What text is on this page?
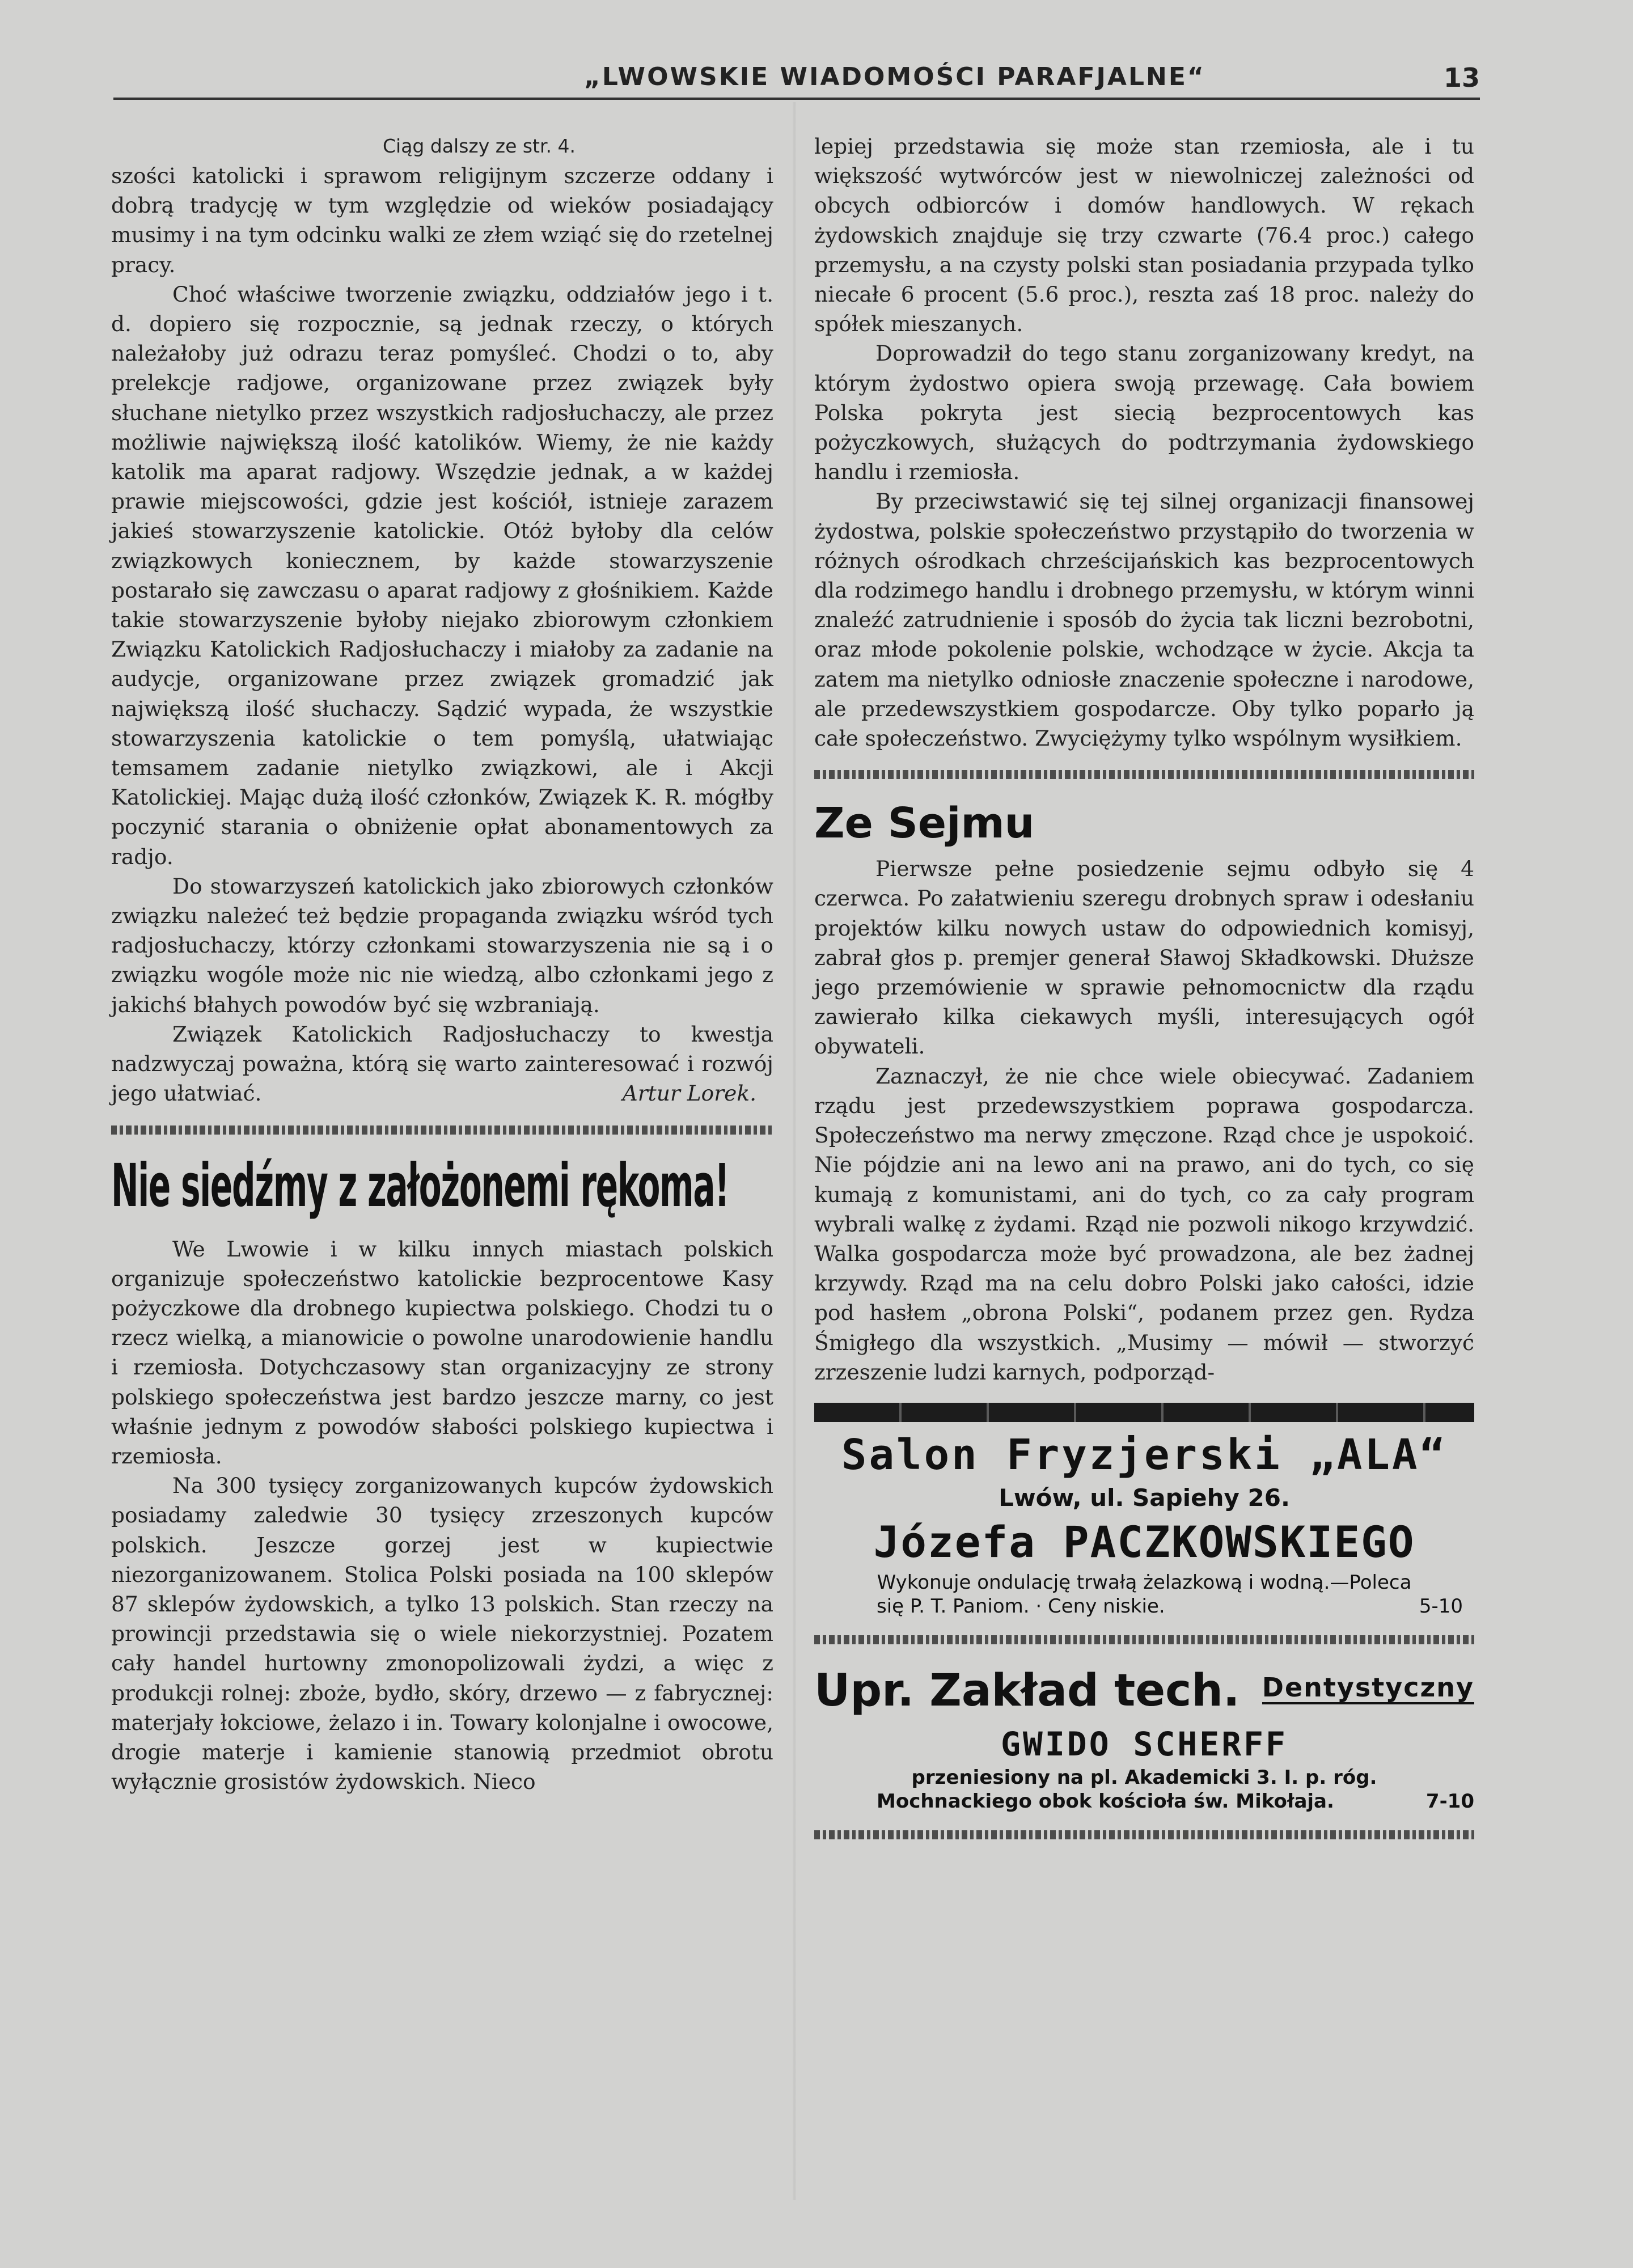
„LWOWSKIE WIADOMOŚCI PARAFJALNE“	13

Ciąg dalszy ze str. 4.

szości katolicki i sprawom religijnym szczerze oddany i dobrą tradycję w tym względzie od wieków posiadający musimy i na tym odcinku walki ze złem wziąć się do rzetelnej pracy.

Choć właściwe tworzenie związku, oddziałów jego i t. d. dopiero się rozpocznie, są jednak rzeczy, o których należałoby już odrazu teraz pomyśleć. Chodzi o to, aby prelekcje radjowe, organizowane przez związek były słuchane nietylko przez wszystkich radjosłuchaczy, ale przez możliwie największą ilość katolików. Wiemy, że nie każdy katolik ma aparat radjowy. Wszędzie jednak, a w każdej prawie miejscowości, gdzie jest kościół, istnieje zarazem jakieś stowarzyszenie katolickie. Otóż byłoby dla celów związkowych koniecznem, by każde stowarzyszenie postarało się zawczasu o aparat radjowy z głośnikiem. Każde takie stowarzyszenie byłoby niejako zbiorowym członkiem Związku Katolickich Radjosłuchaczy i miałoby za zadanie na audycje, organizowane przez związek gromadzić jak największą ilość słuchaczy. Sądzić wypada, że wszystkie stowarzyszenia katolickie o tem pomyślą, ułatwiając temsamem zadanie nietylko związkowi, ale i Akcji Katolickiej. Mając dużą ilość członków, Związek K. R. mógłby poczynić starania o obniżenie opłat abonamentowych za radjo.

Do stowarzyszeń katolickich jako zbiorowych członków związku należeć też będzie propaganda związku wśród tych radjosłuchaczy, którzy członkami stowarzyszenia nie są i o związku wogóle może nic nie wiedzą, albo członkami jego z jakichś błahych powodów być się wzbraniają.

Związek Katolickich Radjosłuchaczy to kwestja nadzwyczaj poważna, którą się warto zainteresować i rozwój jego ułatwiać.	Artur Lorek.

Nie siedźmy z założonemi rękoma!

We Lwowie i w kilku innych miastach polskich organizuje społeczeństwo katolickie bezprocentowe Kasy pożyczkowe dla drobnego kupiectwa polskiego. Chodzi tu o rzecz wielką, a mianowicie o powolne unarodowienie handlu i rzemiosła. Dotychczasowy stan organizacyjny ze strony polskiego społeczeństwa jest bardzo jeszcze marny, co jest właśnie jednym z powodów słabości polskiego kupiectwa i rzemiosła.

Na 300 tysięcy zorganizowanych kupców żydowskich posiadamy zaledwie 30 tysięcy zrzeszonych kupców polskich. Jeszcze gorzej jest w kupiectwie niezorganizowanem. Stolica Polski posiada na 100 sklepów 87 sklepów żydowskich, a tylko 13 polskich. Stan rzeczy na prowincji przedstawia się o wiele niekorzystniej. Pozatem cały handel hurtowny zmonopolizowali żydzi, a więc z produkcji rolnej: zboże, bydło, skóry, drzewo — z fabrycznej: materjały łokciowe, żelazo i in. Towary kolonjalne i owocowe, drogie materje i kamienie stanowią przedmiot obrotu wyłącznie grosistów żydowskich. Nieco

lepiej przedstawia się może stan rzemiosła, ale i tu większość wytwórców jest w niewolniczej zależności od obcych odbiorców i domów handlowych. W rękach żydowskich znajduje się trzy czwarte (76.4 proc.) całego przemysłu, a na czysty polski stan posiadania przypada tylko niecałe 6 procent (5.6 proc.), reszta zaś 18 proc. należy do spółek mieszanych.

Doprowadził do tego stanu zorganizowany kredyt, na którym żydostwo opiera swoją przewagę. Cała bowiem Polska pokryta jest siecią bezprocentowych kas pożyczkowych, służących do podtrzymania żydowskiego handlu i rzemiosła.

By przeciwstawić się tej silnej organizacji finansowej żydostwa, polskie społeczeństwo przystąpiło do tworzenia w różnych ośrodkach chrześcijańskich kas bezprocentowych dla rodzimego handlu i drobnego przemysłu, w którym winni znaleźć zatrudnienie i sposób do życia tak liczni bezrobotni, oraz młode pokolenie polskie, wchodzące w życie. Akcja ta zatem ma nietylko odniosłe znaczenie społeczne i narodowe, ale przedewszystkiem gospodarcze. Oby tylko poparło ją całe społeczeństwo. Zwyciężymy tylko wspólnym wysiłkiem.

Ze Sejmu

Pierwsze pełne posiedzenie sejmu odbyło się 4 czerwca. Po załatwieniu szeregu drobnych spraw i odesłaniu projektów kilku nowych ustaw do odpowiednich komisyj, zabrał głos p. premjer generał Sławoj Składkowski. Dłuższe jego przemówienie w sprawie pełnomocnictw dla rządu zawierało kilka ciekawych myśli, interesujących ogół obywateli.

Zaznaczył, że nie chce wiele obiecywać. Zadaniem rządu jest przedewszystkiem poprawa gospodarcza. Społeczeństwo ma nerwy zmęczone. Rząd chce je uspokoić. Nie pójdzie ani na lewo ani na prawo, ani do tych, co się kumają z komunistami, ani do tych, co za cały program wybrali walkę z żydami. Rząd nie pozwoli nikogo krzywdzić. Walka gospodarcza może być prowadzona, ale bez żadnej krzywdy. Rząd ma na celu dobro Polski jako całości, idzie pod hasłem „obrona Polski“, podanem przez gen. Rydza Śmigłego dla wszystkich. „Musimy — mówił — stworzyć zrzeszenie ludzi karnych, podporząd-

Salon Fryzjerski „ALA“
Lwów, ul. Sapiehy 26.
Józefa PACZKOWSKIEGO
Wykonuje ondulację trwałą żelazkową i wodną.—Poleca
się P. T. Paniom. · Ceny niskie.	5-10
Upr. Zakład tech. Dentystyczny
GWIDO SCHERFF
przeniesiony na pl. Akademicki 3. I. p. róg.
Mochnackiego obok kościoła św. Mikołaja.	7-10
